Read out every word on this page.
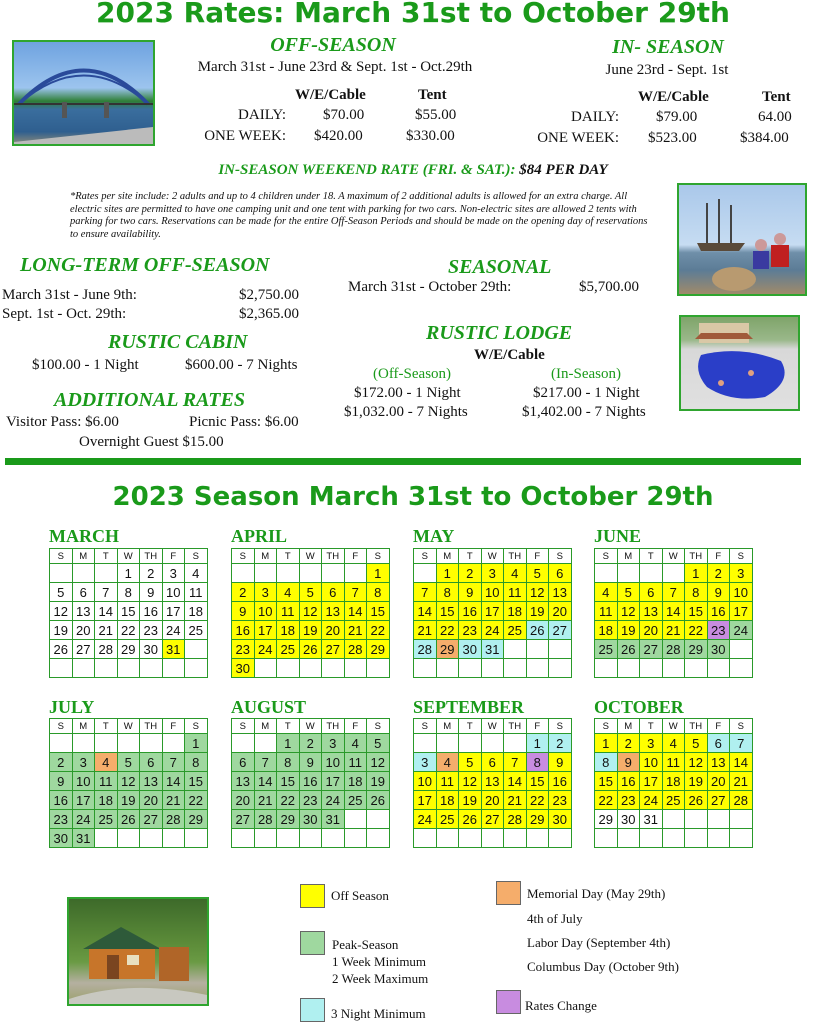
2023 Rates: March 31st to October 29th
OFF-SEASON
March 31st - June 23rd & Sept. 1st - Oct.29th
W/E/Cable	Tent
DAILY: $70.00	$55.00
ONE WEEK: $420.00	$330.00
IN- SEASON
June 23rd - Sept. 1st
W/E/Cable	Tent
DAILY: $79.00	64.00
ONE WEEK: $523.00	$384.00
IN-SEASON WEEKEND RATE (FRI. & SAT.): $84 PER DAY
*Rates per site include: 2 adults and up to 4 children under 18. A maximum of 2 additional adults is allowed for an extra charge. All electric sites are permitted to have one camping unit and one tent with parking for two cars. Non-electric sites are allowed 2 tents with parking for two cars. Reservations can be made for the entire Off-Season Periods and should be made on the opening day of reservations to ensure availability.
LONG-TERM OFF-SEASON
March 31st - June 9th:	$2,750.00
Sept. 1st - Oct. 29th:	$2,365.00
SEASONAL
March 31st - October 29th:	$5,700.00
RUSTIC CABIN
$100.00 - 1 Night	$600.00 - 7 Nights
RUSTIC LODGE
W/E/Cable
(Off-Season)	(In-Season)
$172.00 - 1 Night	$217.00 - 1 Night
$1,032.00 - 7 Nights	$1,402.00 - 7 Nights
ADDITIONAL RATES
Visitor Pass: $6.00	Picnic Pass: $6.00
Overnight Guest $15.00
2023 Season March 31st to October 29th
MARCH
S	M	T	W	TH	F	S
			1	2	3	4
5	6	7	8	9	10	11
12	13	14	15	16	17	18
19	20	21	22	23	24	25
26	27	28	29	30	31	

APRIL
S	M	T	W	TH	F	S
						1
2	3	4	5	6	7	8
9	10	11	12	13	14	15
16	17	18	19	20	21	22
23	24	25	26	27	28	29
30						
MAY
S	M	T	W	TH	F	S
	1	2	3	4	5	6
7	8	9	10	11	12	13
14	15	16	17	18	19	20
21	22	23	24	25	26	27
28	29	30	31			

JUNE
S	M	T	W	TH	F	S
				1	2	3
4	5	6	7	8	9	10
11	12	13	14	15	16	17
18	19	20	21	22	23	24
25	26	27	28	29	30	

JULY
S	M	T	W	TH	F	S
						1
2	3	4	5	6	7	8
9	10	11	12	13	14	15
16	17	18	19	20	21	22
23	24	25	26	27	28	29
30	31					
AUGUST
S	M	T	W	TH	F	S
		1	2	3	4	5
6	7	8	9	10	11	12
13	14	15	16	17	18	19
20	21	22	23	24	25	26
27	28	29	30	31		

SEPTEMBER
S	M	T	W	TH	F	S
					1	2
3	4	5	6	7	8	9
10	11	12	13	14	15	16
17	18	19	20	21	22	23
24	25	26	27	28	29	30

OCTOBER
S	M	T	W	TH	F	S
1	2	3	4	5	6	7
8	9	10	11	12	13	14
15	16	17	18	19	20	21
22	23	24	25	26	27	28
29	30	31				

Off Season
Peak-Season
1 Week Minimum
2 Week Maximum
3 Night Minimum
Memorial Day (May 29th)
4th of July
Labor Day (September 4th)
Columbus Day (October 9th)
Rates Change
